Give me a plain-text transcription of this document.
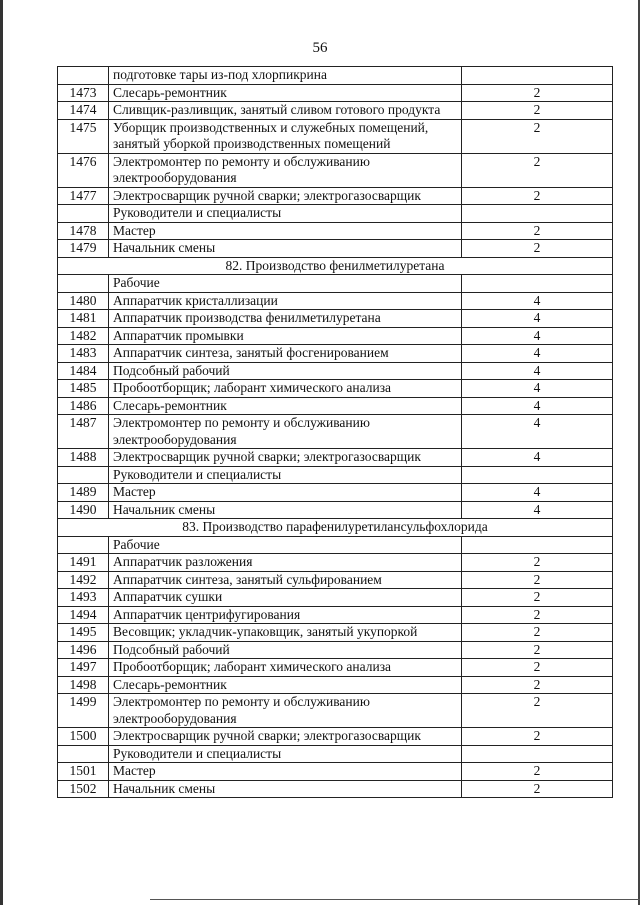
56
	подготовке тары из-под хлорпикрина	
1473	Слесарь-ремонтник	2
1474	Сливщик-разливщик, занятый сливом готового продукта	2
1475	Уборщик производственных и служебных помещений, занятый уборкой производственных помещений	2
1476	Электромонтер по ремонту и обслуживанию электрооборудования	2
1477	Электросварщик ручной сварки; электрогазосварщик	2
	Руководители и специалисты	
1478	Мастер	2
1479	Начальник смены	2
82. Производство фенилметилуретана		
	Рабочие	
1480	Аппаратчик кристаллизации	4
1481	Аппаратчик производства фенилметилуретана	4
1482	Аппаратчик промывки	4
1483	Аппаратчик синтеза, занятый фосгенированием	4
1484	Подсобный рабочий	4
1485	Пробоотборщик; лаборант химического анализа	4
1486	Слесарь-ремонтник	4
1487	Электромонтер по ремонту и обслуживанию электрооборудования	4
1488	Электросварщик ручной сварки; электрогазосварщик	4
	Руководители и специалисты	
1489	Мастер	4
1490	Начальник смены	4
83. Производство парафенилуретилансульфохлорида		
	Рабочие	
1491	Аппаратчик разложения	2
1492	Аппаратчик синтеза, занятый сульфированием	2
1493	Аппаратчик сушки	2
1494	Аппаратчик центрифугирования	2
1495	Весовщик; укладчик-упаковщик, занятый укупоркой	2
1496	Подсобный рабочий	2
1497	Пробоотборщик; лаборант химического анализа	2
1498	Слесарь-ремонтник	2
1499	Электромонтер по ремонту и обслуживанию электрооборудования	2
1500	Электросварщик ручной сварки; электрогазосварщик	2
	Руководители и специалисты	
1501	Мастер	2
1502	Начальник смены	2
